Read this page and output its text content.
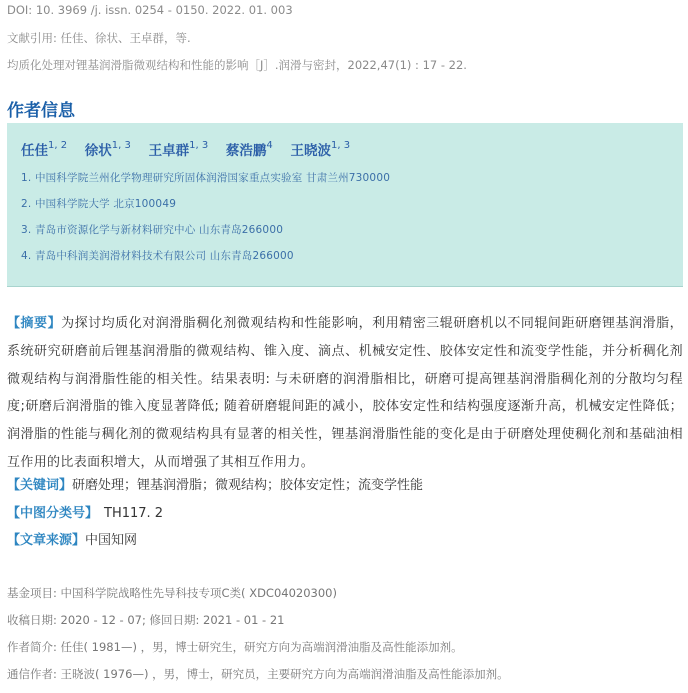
DOI: 10. 3969 /j. issn. 0254 - 0150. 2022. 01. 003
文献引用: 任佳、徐状、王卓群，等.
均质化处理对锂基润滑脂微观结构和性能的影响［J］.润滑与密封，2022,47(1) : 17 - 22.
作者信息
任佳$^{1, 2}$ 徐状$^{1, 3}$ 王卓群$^{1, 3}$ 蔡浩鹏$^4$ 王晓波$^{1, 3}$
1. 中国科学院兰州化学物理研究所固体润滑国家重点实验室 甘肃兰州730000
2. 中国科学院大学 北京100049
3. 青岛市资源化学与新材料研究中心 山东青岛266000
4. 青岛中科润美润滑材料技术有限公司 山东青岛266000
【摘要】为探讨均质化对润滑脂稠化剂微观结构和性能影响，利用精密三辊研磨机以不同辊间距研磨锂基润滑脂，系统研究研磨前后锂基润滑脂的微观结构、锥入度、滴点、机械安定性、胶体安定性和流变学性能，并分析稠化剂微观结构与润滑脂性能的相关性。结果表明: 与未研磨的润滑脂相比，研磨可提高锂基润滑脂稠化剂的分散均匀程度;研磨后润滑脂的锥入度显著降低; 随着研磨辊间距的减小，胶体安定性和结构强度逐渐升高，机械安定性降低；润滑脂的性能与稠化剂的微观结构具有显著的相关性，锂基润滑脂性能的变化是由于研磨处理使稠化剂和基础油相互作用的比表面积增大，从而增强了其相互作用力。
【关键词】研磨处理；锂基润滑脂；微观结构；胶体安定性；流变学性能
【中图分类号】 TH117. 2
【文章来源】中国知网
基金项目: 中国科学院战略性先导科技专项C类( XDC04020300)
收稿日期: 2020 - 12 - 07; 修回日期: 2021 - 01 - 21
作者简介: 任佳( 1981—) ，男，博士研究生，研究方向为高端润滑油脂及高性能添加剂。
通信作者: 王晓波( 1976—) ，男，博士，研究员，主要研究方向为高端润滑油脂及高性能添加剂。
